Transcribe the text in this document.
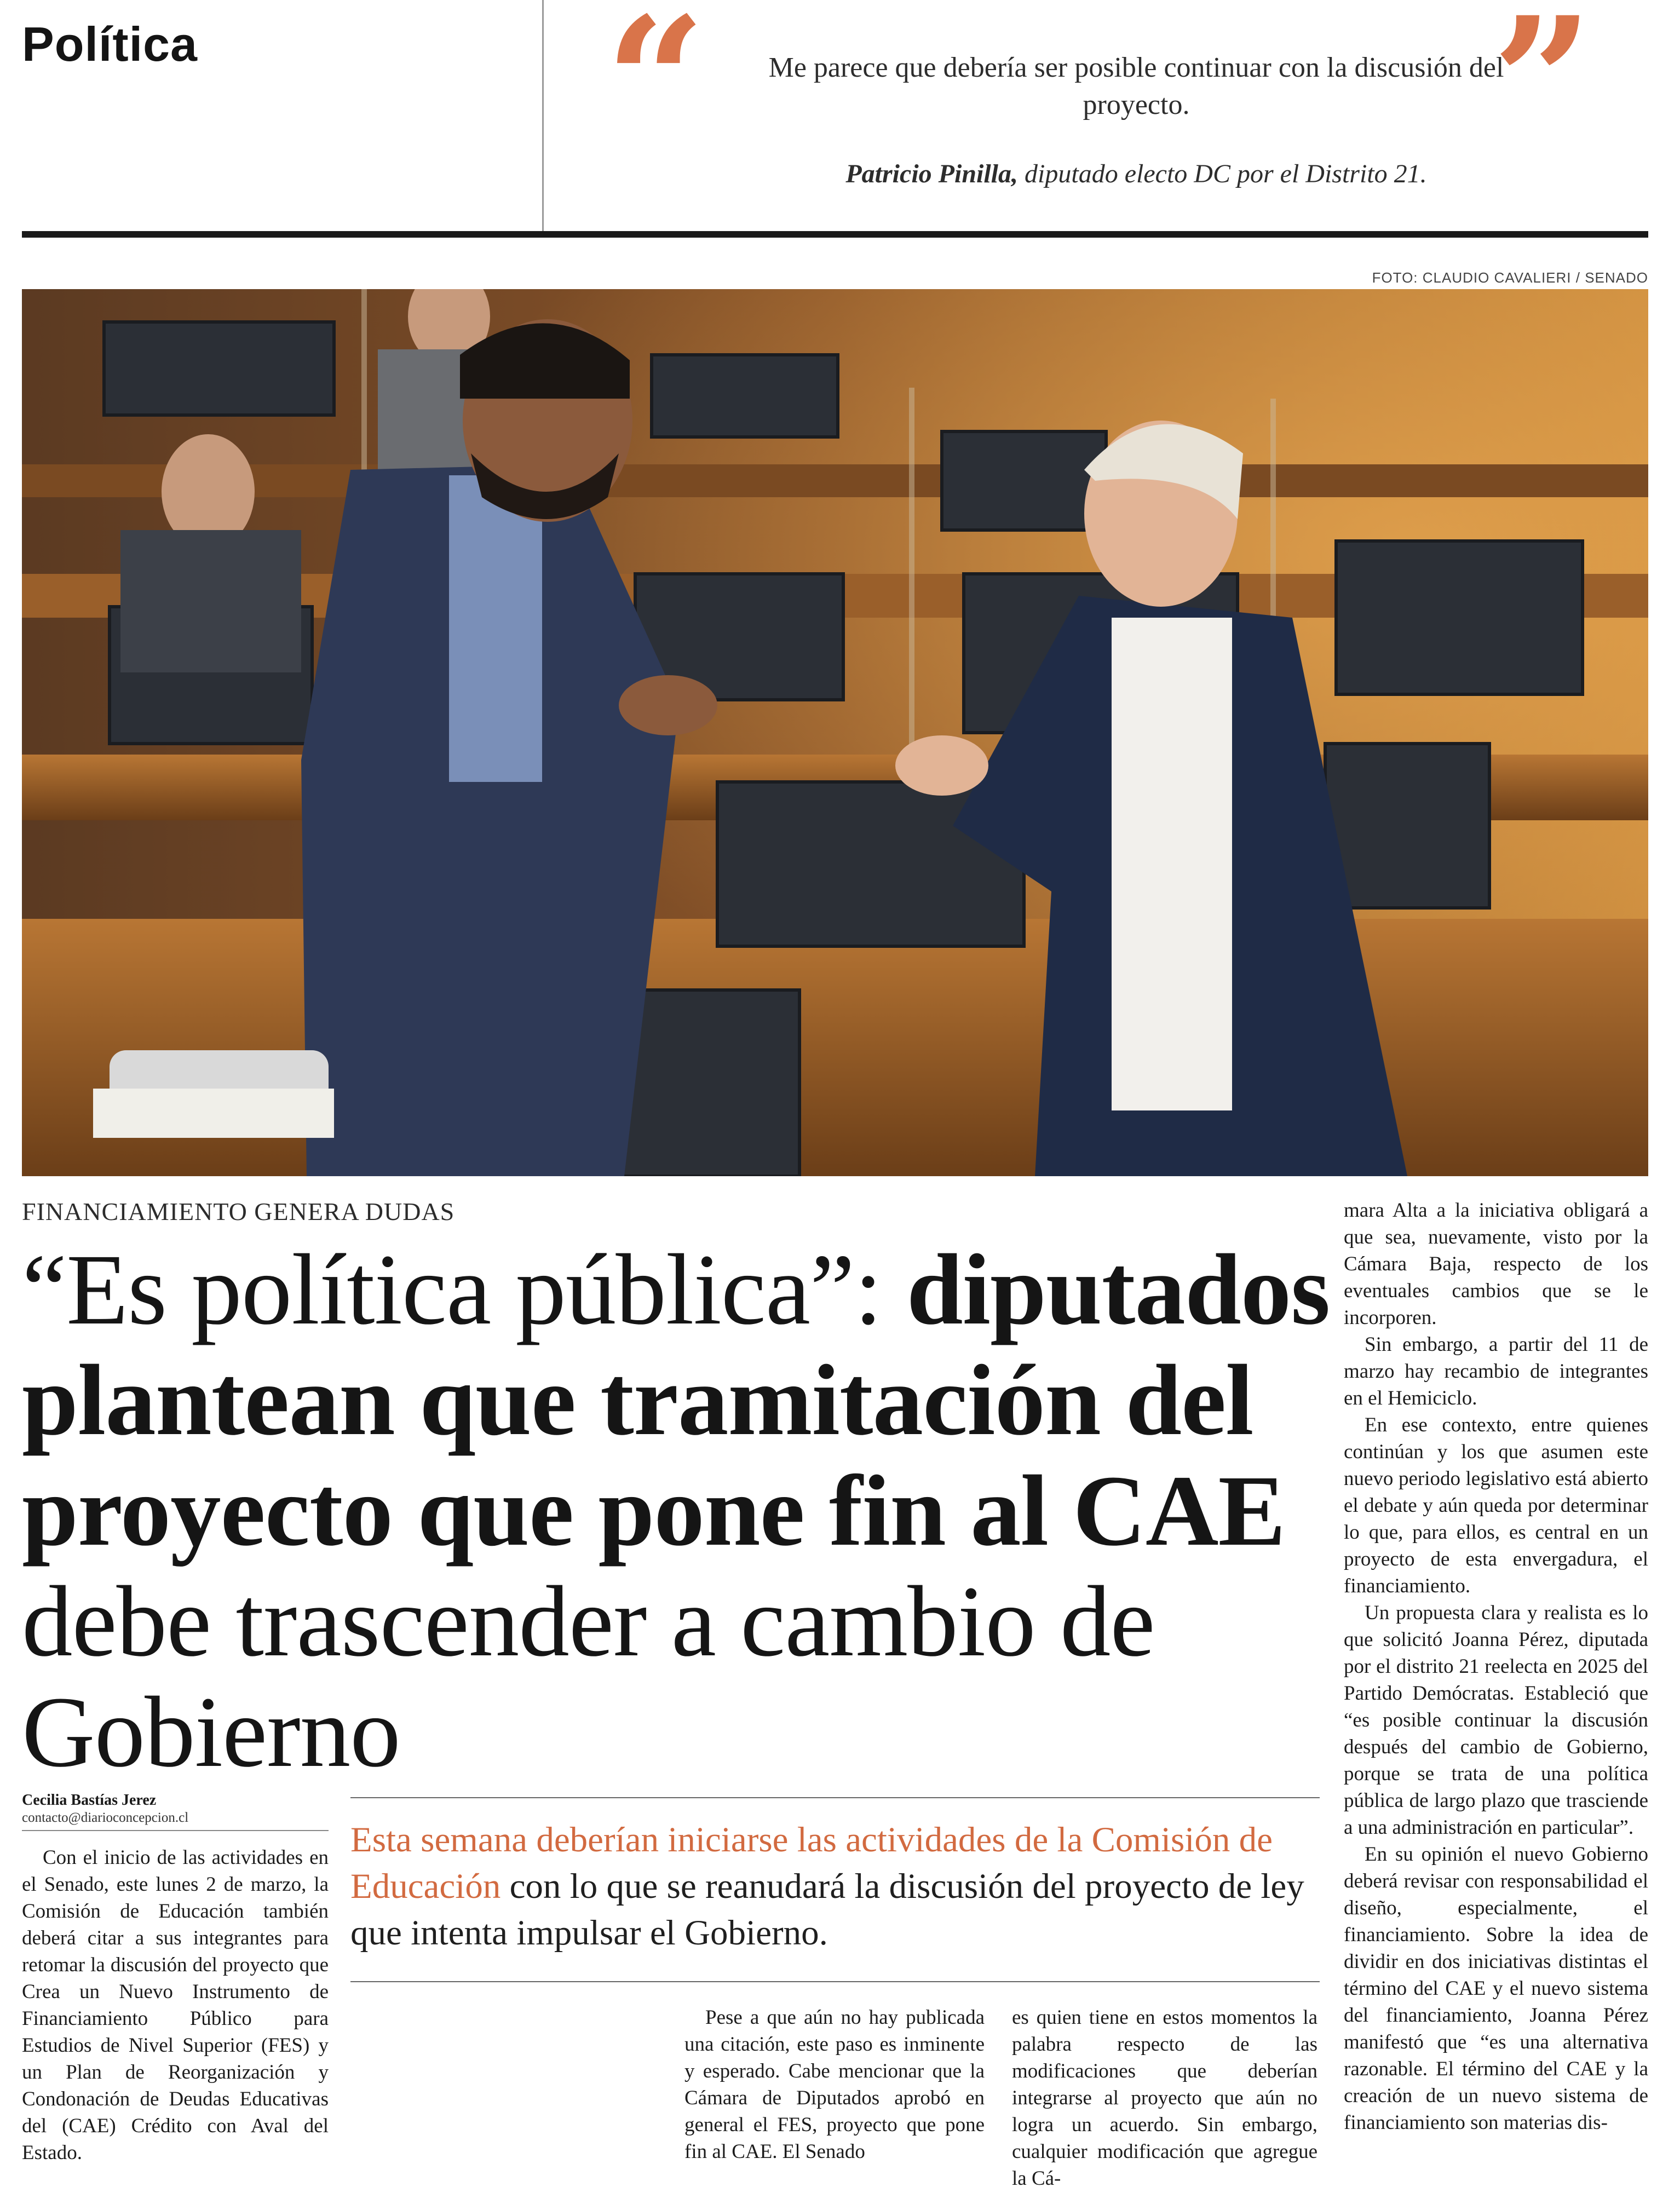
Política “	”
Me parece que debería ser posible continuar con la discusión del proyecto.
Patricio Pinilla, diputado electo DC por el Distrito 21.
FOTO: CLAUDIO CAVALIERI / SENADO
FINANCIAMIENTO GENERA DUDAS
“Es política pública”: diputados plantean que tramitación del proyecto que pone fin al CAE debe trascender a cambio de Gobierno
Cecilia Bastías Jerez
contacto@diarioconcepcion.cl
Esta semana deberían iniciarse las actividades de la Comisión de Educación con lo que se reanudará la discusión del proyecto de ley que intenta impulsar el Gobierno.

Con el inicio de las actividades en el Senado, este lunes 2 de marzo, la Comisión de Educación también deberá citar a sus integrantes para retomar la discusión del proyecto que Crea un Nuevo Instrumento de Financiamiento Público para Estudios de Nivel Superior (FES) y un Plan de Reorganización y Condonación de Deudas Educativas del (CAE) Crédito con Aval del Estado.

Pese a que aún no hay publicada una citación, este paso es inminente y esperado. Cabe mencionar que la Cámara de Diputados aprobó en general el FES, proyecto que pone fin al CAE. El Senado

es quien tiene en estos momentos la palabra respecto de las modificaciones que deberían integrarse al proyecto que aún no logra un acuerdo. Sin embargo, cualquier modificación que agregue la Cá-

mara Alta a la iniciativa obligará a que sea, nuevamente, visto por la Cámara Baja, respecto de los eventuales cambios que se le incorporen.

Sin embargo, a partir del 11 de marzo hay recambio de integrantes en el Hemiciclo.

En ese contexto, entre quienes continúan y los que asumen este nuevo periodo legislativo está abierto el debate y aún queda por determinar lo que, para ellos, es central en un proyecto de esta envergadura, el financiamiento.

Un propuesta clara y realista es lo que solicitó Joanna Pérez, diputada por el distrito 21 reelecta en 2025 del Partido Demócratas. Estableció que “es posible continuar la discusión después del cambio de Gobierno, porque se trata de una política pública de largo plazo que trasciende a una administración en particular”.

En su opinión el nuevo Gobierno deberá revisar con responsabilidad el diseño, especialmente, el financiamiento. Sobre la idea de dividir en dos iniciativas distintas el término del CAE y el nuevo sistema del financiamiento, Joanna Pérez manifestó que “es una alternativa razonable. El término del CAE y la creación de un nuevo sistema de financiamiento son materias dis-
